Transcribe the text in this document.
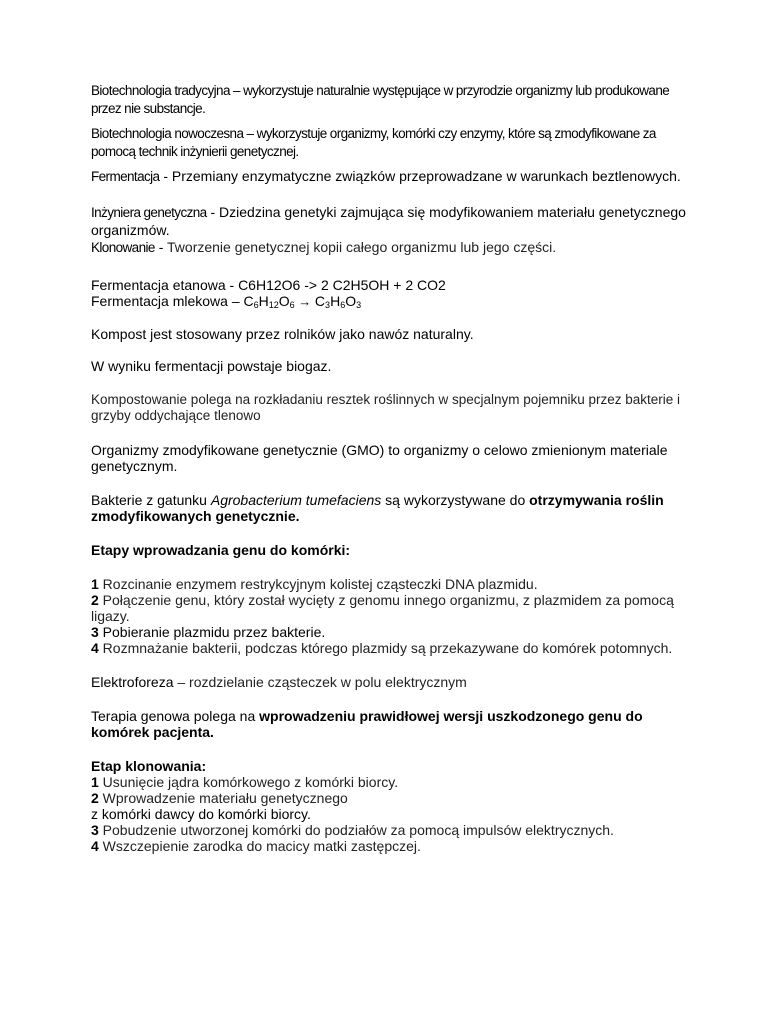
Biotechnologia tradycyjna – wykorzystuje naturalnie występujące w przyrodzie organizmy lub produkowane przez nie substancje.

Biotechnologia nowoczesna – wykorzystuje organizmy, komórki czy enzymy, które są zmodyfikowane za pomocą technik inżynierii genetycznej.

Fermentacja - Przemiany enzymatyczne związków przeprowadzane w warunkach beztlenowych.

Inżyniera genetyczna - Dziedzina genetyki zajmująca się modyfikowaniem materiału genetycznego organizmów.

Klonowanie - Tworzenie genetycznej kopii całego organizmu lub jego części.

Fermentacja etanowa - C6H12O6 -> 2 C2H5OH + 2 CO2

Fermentacja mlekowa – $C_6H_{12}O_6 \to C_3H_6O_3$

Kompost jest stosowany przez rolników jako nawóz naturalny.

W wyniku fermentacji powstaje biogaz.

Kompostowanie polega na rozkładaniu resztek roślinnych w specjalnym pojemniku przez bakterie i grzyby oddychające tlenowo

Organizmy zmodyfikowane genetycznie (GMO) to organizmy o celowo zmienionym materiale genetycznym.

Bakterie z gatunku Agrobacterium tumefaciens są wykorzystywane do otrzymywania roślin zmodyfikowanych genetycznie.

Etapy wprowadzania genu do komórki:

1 Rozcinanie enzymem restrykcyjnym kolistej cząsteczki DNA plazmidu.

2 Połączenie genu, który został wycięty z genomu innego organizmu, z plazmidem za pomocą ligazy.

3 Pobieranie plazmidu przez bakterie.

4 Rozmnażanie bakterii, podczas którego plazmidy są przekazywane do komórek potomnych.

Elektroforeza – rozdzielanie cząsteczek w polu elektrycznym

Terapia genowa polega na wprowadzeniu prawidłowej wersji uszkodzonego genu do komórek pacjenta.

Etap klonowania:

1 Usunięcie jądra komórkowego z komórki biorcy.

2 Wprowadzenie materiału genetycznego

z komórki dawcy do komórki biorcy.

3 Pobudzenie utworzonej komórki do podziałów za pomocą impulsów elektrycznych.

4 Wszczepienie zarodka do macicy matki zastępczej.
